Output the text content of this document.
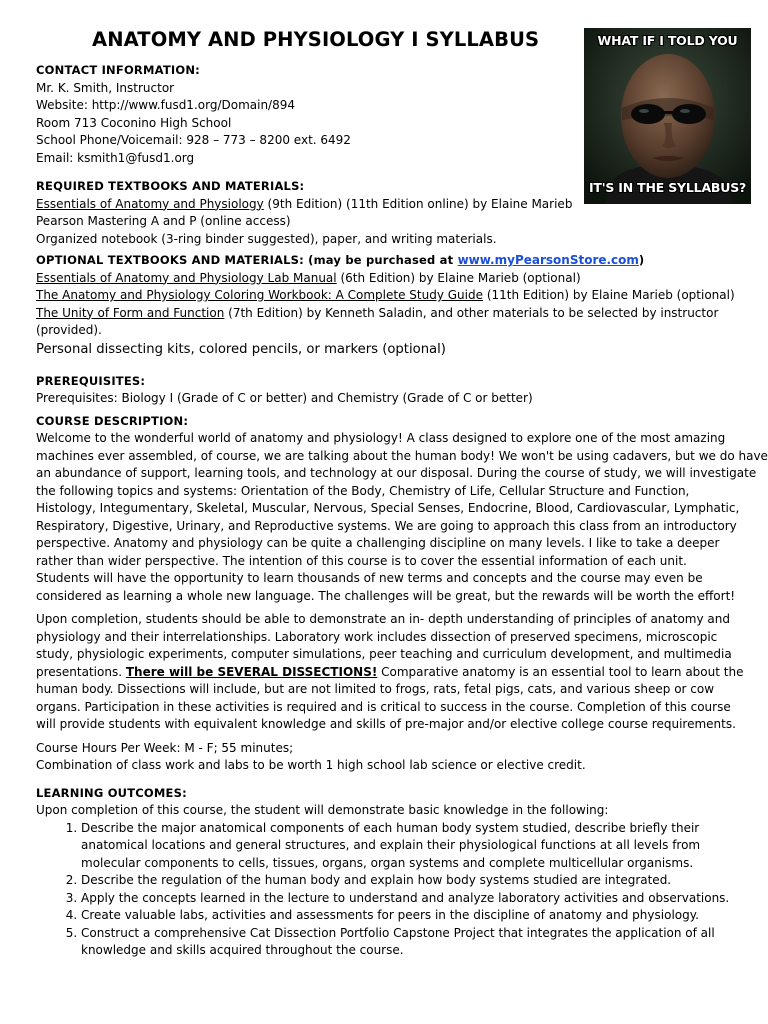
ANATOMY AND PHYSIOLOGY I SYLLABUS	WHAT IF I TOLD YOU
IT'S IN THE SYLLABUS?
CONTACT INFORMATION:
Mr. K. Smith, Instructor
Website: http://www.fusd1.org/Domain/894
Room 713 Coconino High School
School Phone/Voicemail: 928 – 773 – 8200 ext. 6492
Email: ksmith1@fusd1.org
REQUIRED TEXTBOOKS AND MATERIALS:
Essentials of Anatomy and Physiology (9th Edition) (11th Edition online) by Elaine Marieb
Pearson Mastering A and P (online access)
Organized notebook (3-ring binder suggested), paper, and writing materials.
OPTIONAL TEXTBOOKS AND MATERIALS: (may be purchased at www.myPearsonStore.com)
Essentials of Anatomy and Physiology Lab Manual (6th Edition) by Elaine Marieb (optional)
The Anatomy and Physiology Coloring Workbook: A Complete Study Guide (11th Edition) by Elaine Marieb (optional)
The Unity of Form and Function (7th Edition) by Kenneth Saladin, and other materials to be selected by instructor
(provided).
Personal dissecting kits, colored pencils, or markers (optional)
PREREQUISITES:
Prerequisites: Biology I (Grade of C or better) and Chemistry (Grade of C or better)
COURSE DESCRIPTION:
Welcome to the wonderful world of anatomy and physiology! A class designed to explore one of the most amazing
machines ever assembled, of course, we are talking about the human body! We won't be using cadavers, but we do have
an abundance of support, learning tools, and technology at our disposal. During the course of study, we will investigate
the following topics and systems: Orientation of the Body, Chemistry of Life, Cellular Structure and Function,
Histology, Integumentary, Skeletal, Muscular, Nervous, Special Senses, Endocrine, Blood, Cardiovascular, Lymphatic,
Respiratory, Digestive, Urinary, and Reproductive systems. We are going to approach this class from an introductory
perspective. Anatomy and physiology can be quite a challenging discipline on many levels. I like to take a deeper
rather than wider perspective. The intention of this course is to cover the essential information of each unit.
Students will have the opportunity to learn thousands of new terms and concepts and the course may even be
considered as learning a whole new language. The challenges will be great, but the rewards will be worth the effort!
Upon completion, students should be able to demonstrate an in- depth understanding of principles of anatomy and
physiology and their interrelationships. Laboratory work includes dissection of preserved specimens, microscopic
study, physiologic experiments, computer simulations, peer teaching and curriculum development, and multimedia
presentations. There will be SEVERAL DISSECTIONS! Comparative anatomy is an essential tool to learn about the
human body. Dissections will include, but are not limited to frogs, rats, fetal pigs, cats, and various sheep or cow
organs. Participation in these activities is required and is critical to success in the course. Completion of this course
will provide students with equivalent knowledge and skills of pre-major and/or elective college course requirements.
Course Hours Per Week: M - F; 55 minutes;
Combination of class work and labs to be worth 1 high school lab science or elective credit.
LEARNING OUTCOMES:
Upon completion of this course, the student will demonstrate basic knowledge in the following:
1. Describe the major anatomical components of each human body system studied, describe briefly their
anatomical locations and general structures, and explain their physiological functions at all levels from
molecular components to cells, tissues, organs, organ systems and complete multicellular organisms.
2. Describe the regulation of the human body and explain how body systems studied are integrated.
3. Apply the concepts learned in the lecture to understand and analyze laboratory activities and observations.
4. Create valuable labs, activities and assessments for peers in the discipline of anatomy and physiology.
5. Construct a comprehensive Cat Dissection Portfolio Capstone Project that integrates the application of all
knowledge and skills acquired throughout the course.
